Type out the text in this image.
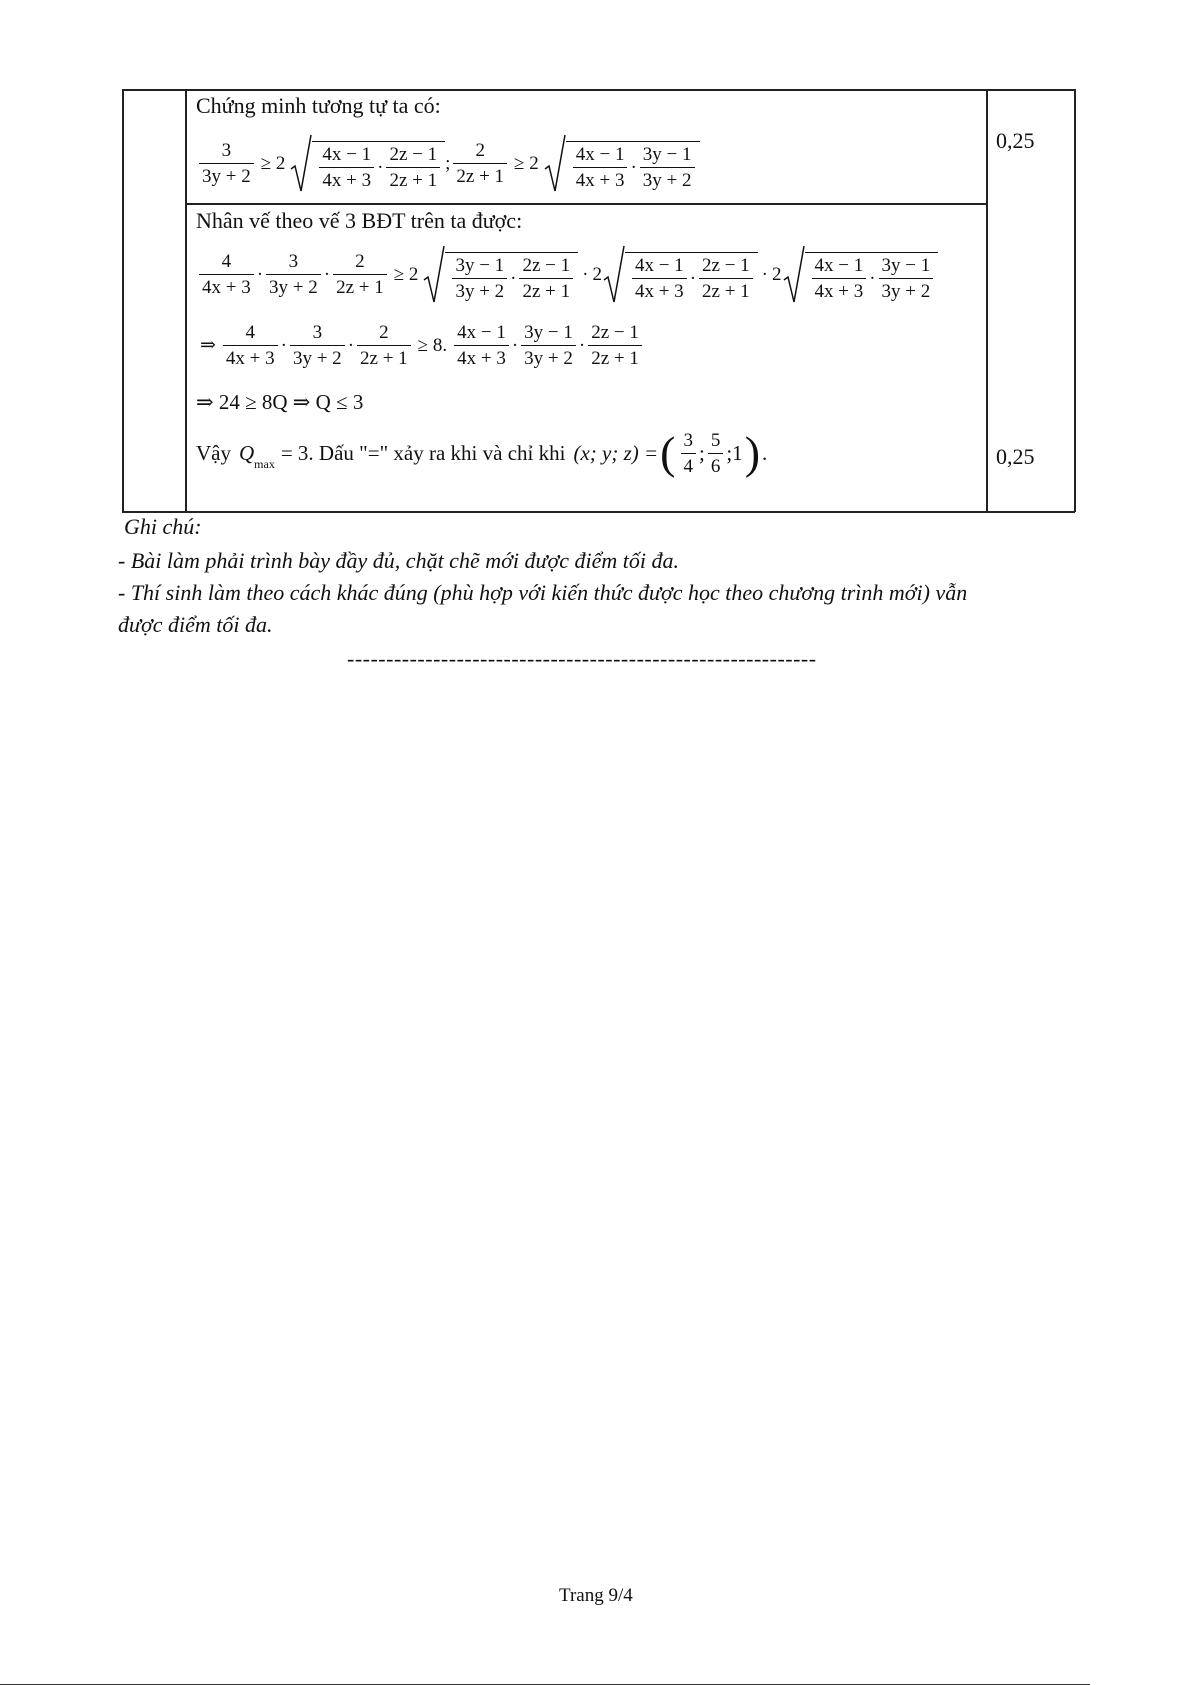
Chứng minh tương tự ta có:
0,25
$\frac{3}{3y + 2} \ge 2 \frac{4x - 1}{4x + 3} \cdot \frac{2z - 1}{2z + 1}$ ; $\frac{2}{2z + 1} \ge 2 \frac{4x - 1}{4x + 3} \cdot \frac{3y - 1}{3y + 2}$
Nhân vế theo vế 3 BĐT trên ta được:
$\frac{4}{4x + 3} \cdot \frac{3}{3y + 2} \cdot \frac{2}{2z + 1} \ge 2 \frac{3y - 1}{3y + 2} \cdot \frac{2z - 1}{2z + 1} \cdot 2 \frac{4x - 1}{4x + 3} \cdot \frac{2z - 1}{2z + 1} \cdot 2 \frac{4x - 1}{4x + 3} \cdot \frac{3y - 1}{3y + 2}$
⇒ $\frac{4}{4x + 3} \cdot \frac{3}{3y + 2} \cdot \frac{2}{2z + 1} \ge 8$. $\frac{4x - 1}{4x + 3} \cdot \frac{3y - 1}{3y + 2} \cdot \frac{2z - 1}{2z + 1}$
⇒ 24 ≥ 8Q ⇒ Q ≤ 3
Vậy Q max = 3. Dấu "=" xảy ra khi và chỉ khi (x; y; z) = ( $\frac{3}{4}$ ; $\frac{5}{6}$ ;1 ) .	0,25
Ghi chú:
- Bài làm phải trình bày đầy đủ, chặt chẽ mới được điểm tối đa.
- Thí sinh làm theo cách khác đúng (phù hợp với kiến thức được học theo chương trình mới) vẫn
được điểm tối đa.
------------------------------------------------------------
Trang 9/4
